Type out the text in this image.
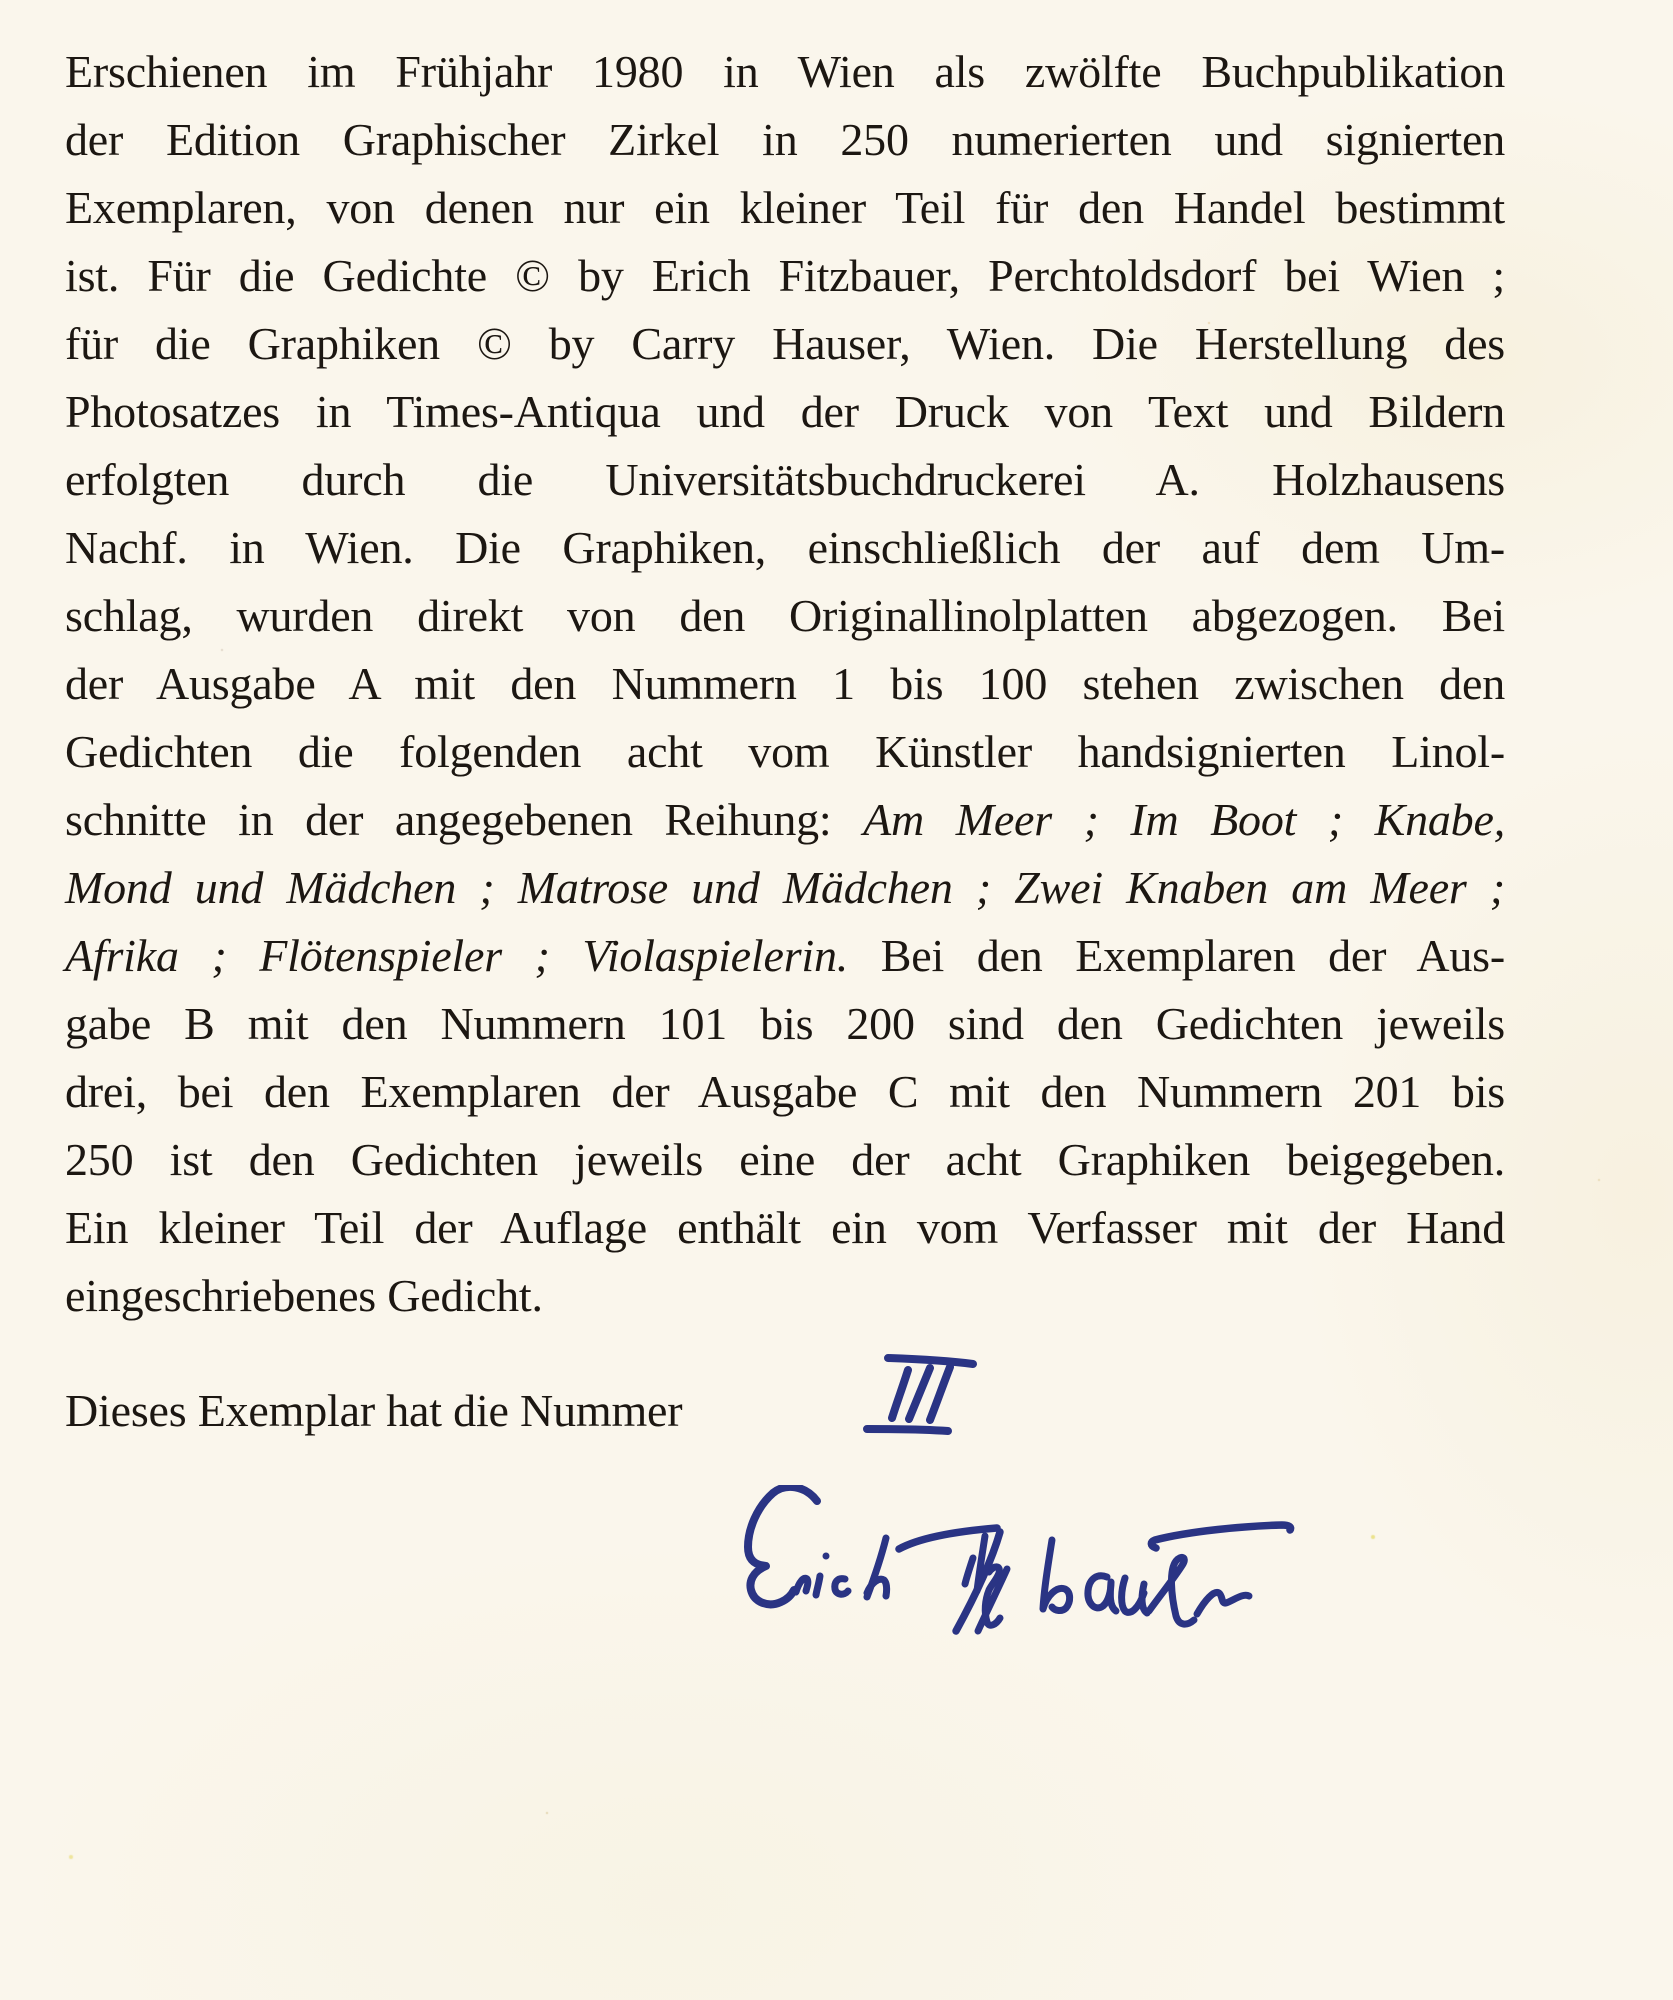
Erschienen im Frühjahr 1980 in Wien als zwölfte Buchpublikation
der Edition Graphischer Zirkel in 250 numerierten und signierten
Exemplaren, von denen nur ein kleiner Teil für den Handel bestimmt
ist. Für die Gedichte © by Erich Fitzbauer, Perchtoldsdorf bei Wien ;
für die Graphiken © by Carry Hauser, Wien. Die Herstellung des
Photosatzes in Times-Antiqua und der Druck von Text und Bildern
erfolgten durch die Universitätsbuchdruckerei A. Holzhausens
Nachf. in Wien. Die Graphiken, einschließlich der auf dem Um-
schlag, wurden direkt von den Originallinolplatten abgezogen. Bei
der Ausgabe A mit den Nummern 1 bis 100 stehen zwischen den
Gedichten die folgenden acht vom Künstler handsignierten Linol-
schnitte in der angegebenen Reihung: Am Meer ; Im Boot ; Knabe,
Mond und Mädchen ; Matrose und Mädchen ; Zwei Knaben am Meer ;
Afrika ; Flötenspieler ; Violaspielerin. Bei den Exemplaren der Aus-
gabe B mit den Nummern 101 bis 200 sind den Gedichten jeweils
drei, bei den Exemplaren der Ausgabe C mit den Nummern 201 bis
250 ist den Gedichten jeweils eine der acht Graphiken beigegeben.
Ein kleiner Teil der Auflage enthält ein vom Verfasser mit der Hand
eingeschriebenes Gedicht.
Dieses Exemplar hat die Nummer
